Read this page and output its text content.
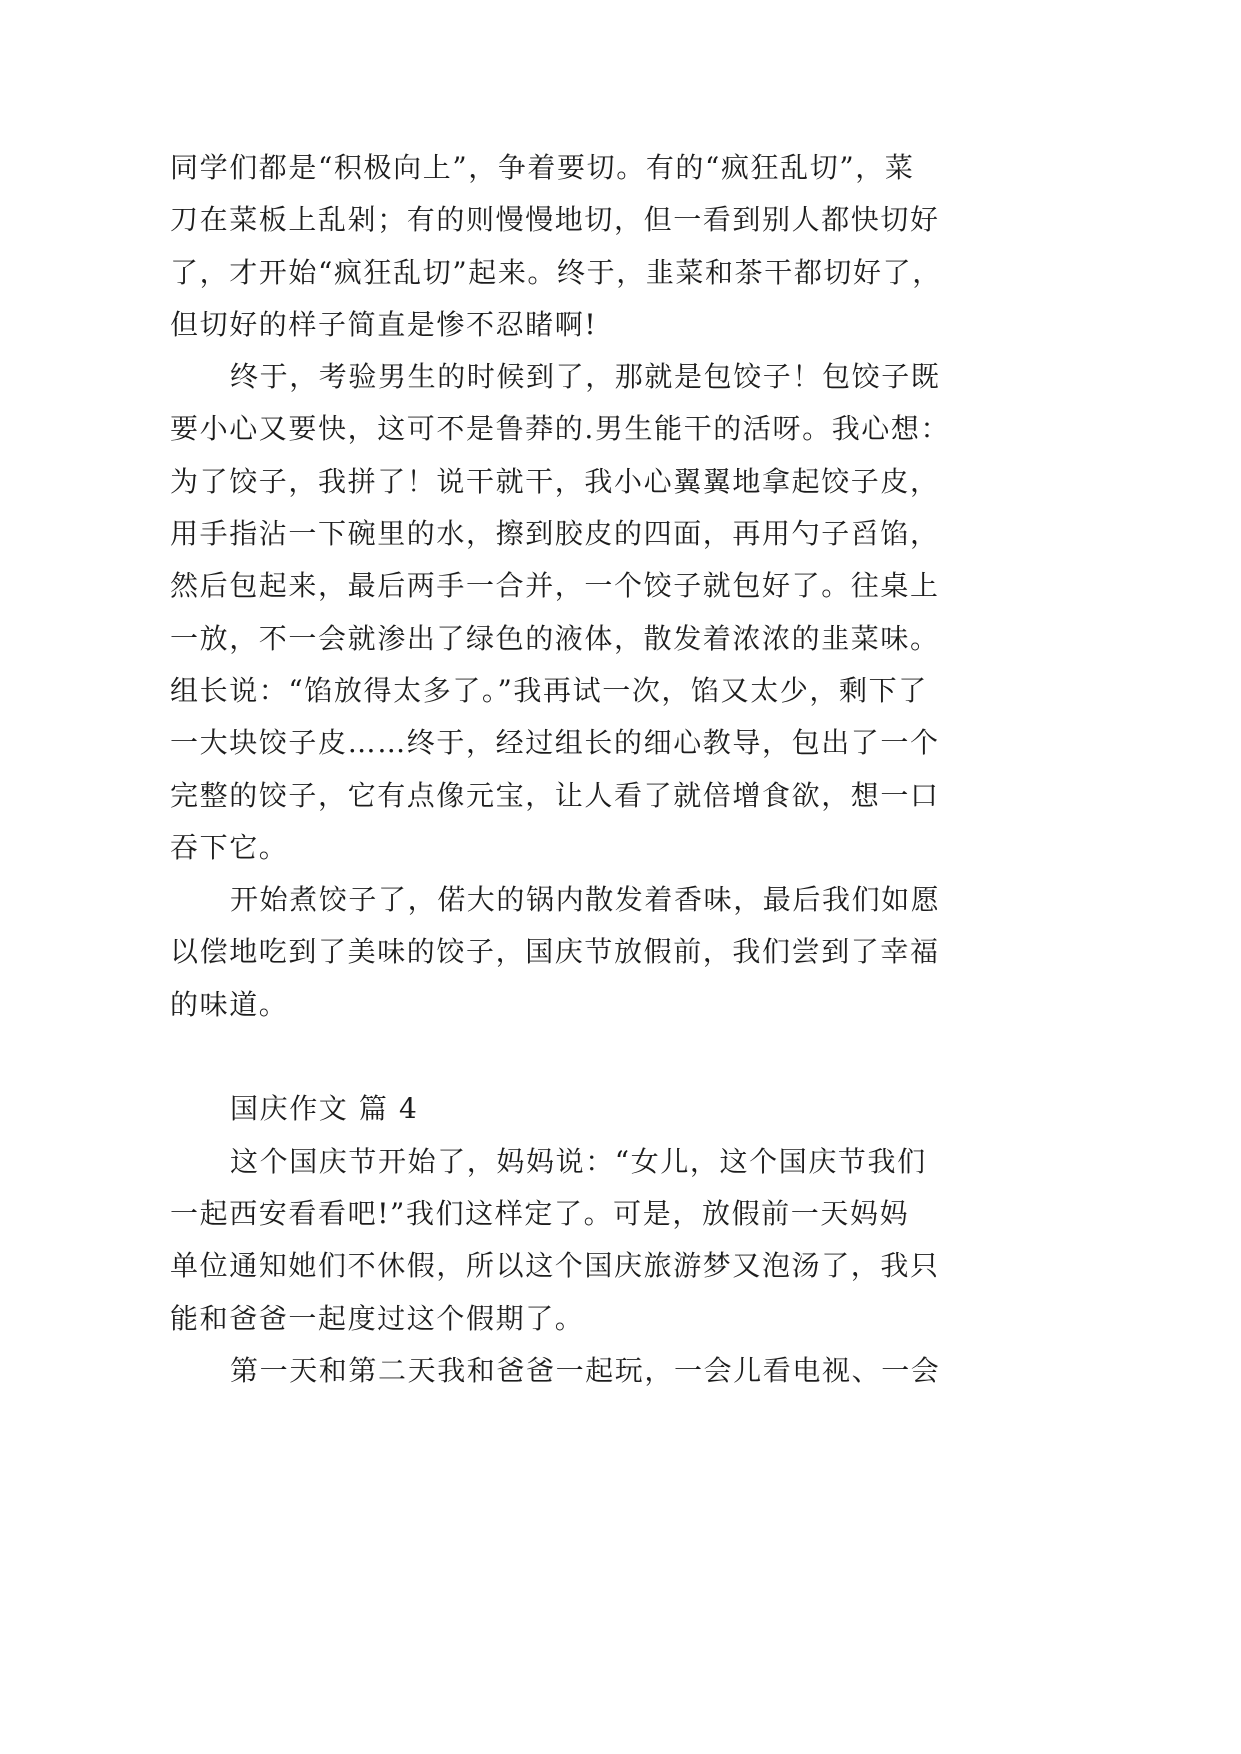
同学们都是“积极向上”，争着要切。有的“疯狂乱切”，菜
刀在菜板上乱剁；有的则慢慢地切，但一看到别人都快切好
了，才开始“疯狂乱切”起来。终于，韭菜和茶干都切好了，
但切好的样子简直是惨不忍睹啊!
终于，考验男生的时候到了，那就是包饺子！包饺子既
要小心又要快，这可不是鲁莽的.男生能干的活呀。我心想：
为了饺子，我拼了！说干就干，我小心翼翼地拿起饺子皮，
用手指沾一下碗里的水，擦到胶皮的四面，再用勺子舀馅，
然后包起来，最后两手一合并，一个饺子就包好了。往桌上
一放，不一会就渗出了绿色的液体，散发着浓浓的韭菜味。
组长说：“馅放得太多了。”我再试一次，馅又太少，剩下了
一大块饺子皮……终于，经过组长的细心教导，包出了一个
完整的饺子，它有点像元宝，让人看了就倍增食欲，想一口
吞下它。
开始煮饺子了，偌大的锅内散发着香味，最后我们如愿
以偿地吃到了美味的饺子，国庆节放假前，我们尝到了幸福
的味道。
国庆作文 篇 4
这个国庆节开始了，妈妈说：“女儿，这个国庆节我们
一起西安看看吧!”我们这样定了。可是，放假前一天妈妈
单位通知她们不休假，所以这个国庆旅游梦又泡汤了，我只
能和爸爸一起度过这个假期了。
第一天和第二天我和爸爸一起玩，一会儿看电视、一会
